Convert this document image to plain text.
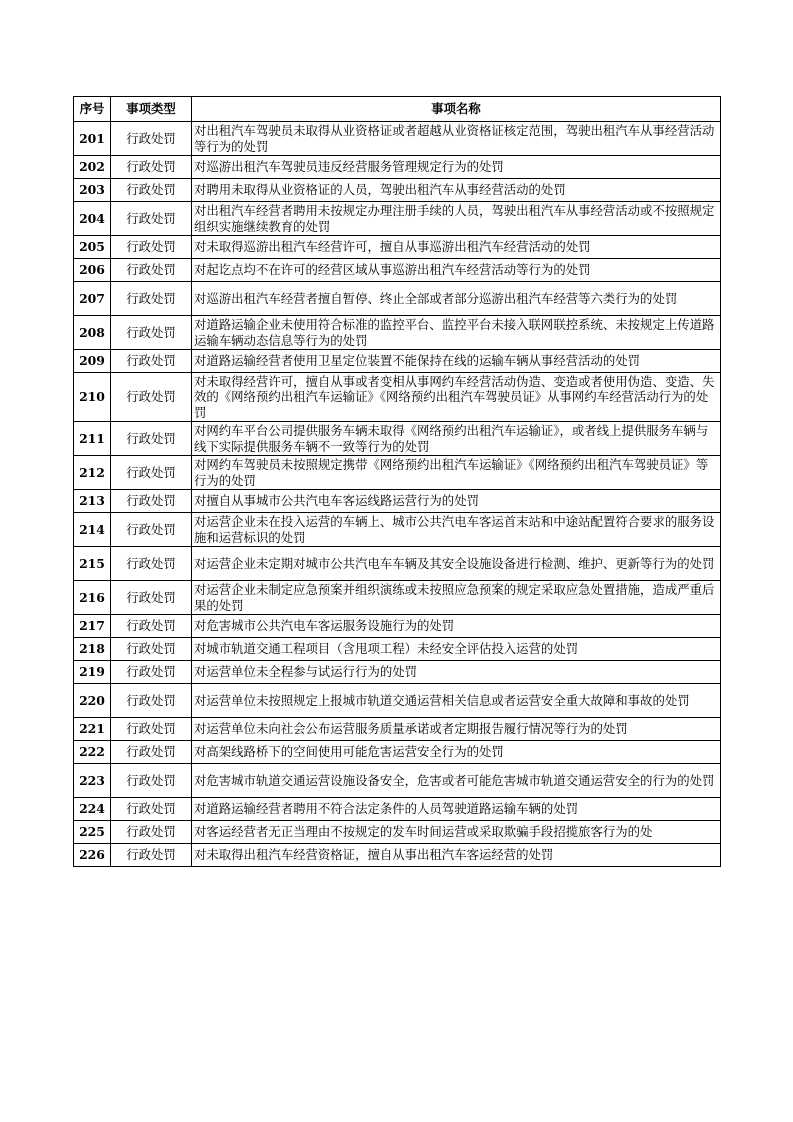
序号	事项类型	事项名称
201	行政处罚	对出租汽车驾驶员未取得从业资格证或者超越从业资格证核定范围，驾驶出租汽车从事经营活动等行为的处罚
202	行政处罚	对巡游出租汽车驾驶员违反经营服务管理规定行为的处罚
203	行政处罚	对聘用未取得从业资格证的人员，驾驶出租汽车从事经营活动的处罚
204	行政处罚	对出租汽车经营者聘用未按规定办理注册手续的人员，驾驶出租汽车从事经营活动或不按照规定组织实施继续教育的处罚
205	行政处罚	对未取得巡游出租汽车经营许可，擅自从事巡游出租汽车经营活动的处罚
206	行政处罚	对起讫点均不在许可的经营区域从事巡游出租汽车经营活动等行为的处罚
207	行政处罚	对巡游出租汽车经营者擅自暂停、终止全部或者部分巡游出租汽车经营等六类行为的处罚
208	行政处罚	对道路运输企业未使用符合标准的监控平台、监控平台未接入联网联控系统、未按规定上传道路运输车辆动态信息等行为的处罚
209	行政处罚	对道路运输经营者使用卫星定位装置不能保持在线的运输车辆从事经营活动的处罚
210	行政处罚	对未取得经营许可，擅自从事或者变相从事网约车经营活动伪造、变造或者使用伪造、变造、失效的《网络预约出租汽车运输证》《网络预约出租汽车驾驶员证》从事网约车经营活动行为的处罚

211	行政处罚	对网约车平台公司提供服务车辆未取得《网络预约出租汽车运输证》，或者线上提供服务车辆与线下实际提供服务车辆不一致等行为的处罚
212	行政处罚	对网约车驾驶员未按照规定携带《网络预约出租汽车运输证》《网络预约出租汽车驾驶员证》等行为的处罚
213	行政处罚	对擅自从事城市公共汽电车客运线路运营行为的处罚
214	行政处罚	对运营企业未在投入运营的车辆上、城市公共汽电车客运首末站和中途站配置符合要求的服务设施和运营标识的处罚
215	行政处罚	对运营企业未定期对城市公共汽电车车辆及其安全设施设备进行检测、维护、更新等行为的处罚
216	行政处罚	对运营企业未制定应急预案并组织演练或未按照应急预案的规定采取应急处置措施，造成严重后果的处罚
217	行政处罚	对危害城市公共汽电车客运服务设施行为的处罚
218	行政处罚	对城市轨道交通工程项目（含甩项工程）未经安全评估投入运营的处罚
219	行政处罚	对运营单位未全程参与试运行行为的处罚
220	行政处罚	对运营单位未按照规定上报城市轨道交通运营相关信息或者运营安全重大故障和事故的处罚
221	行政处罚	对运营单位未向社会公布运营服务质量承诺或者定期报告履行情况等行为的处罚
222	行政处罚	对高架线路桥下的空间使用可能危害运营安全行为的处罚
223	行政处罚	对危害城市轨道交通运营设施设备安全，危害或者可能危害城市轨道交通运营安全的行为的处罚
224	行政处罚	对道路运输经营者聘用不符合法定条件的人员驾驶道路运输车辆的处罚
225	行政处罚	对客运经营者无正当理由不按规定的发车时间运营或采取欺骗手段招揽旅客行为的处

226	行政处罚	对未取得出租汽车经营资格证，擅自从事出租汽车客运经营的处罚
